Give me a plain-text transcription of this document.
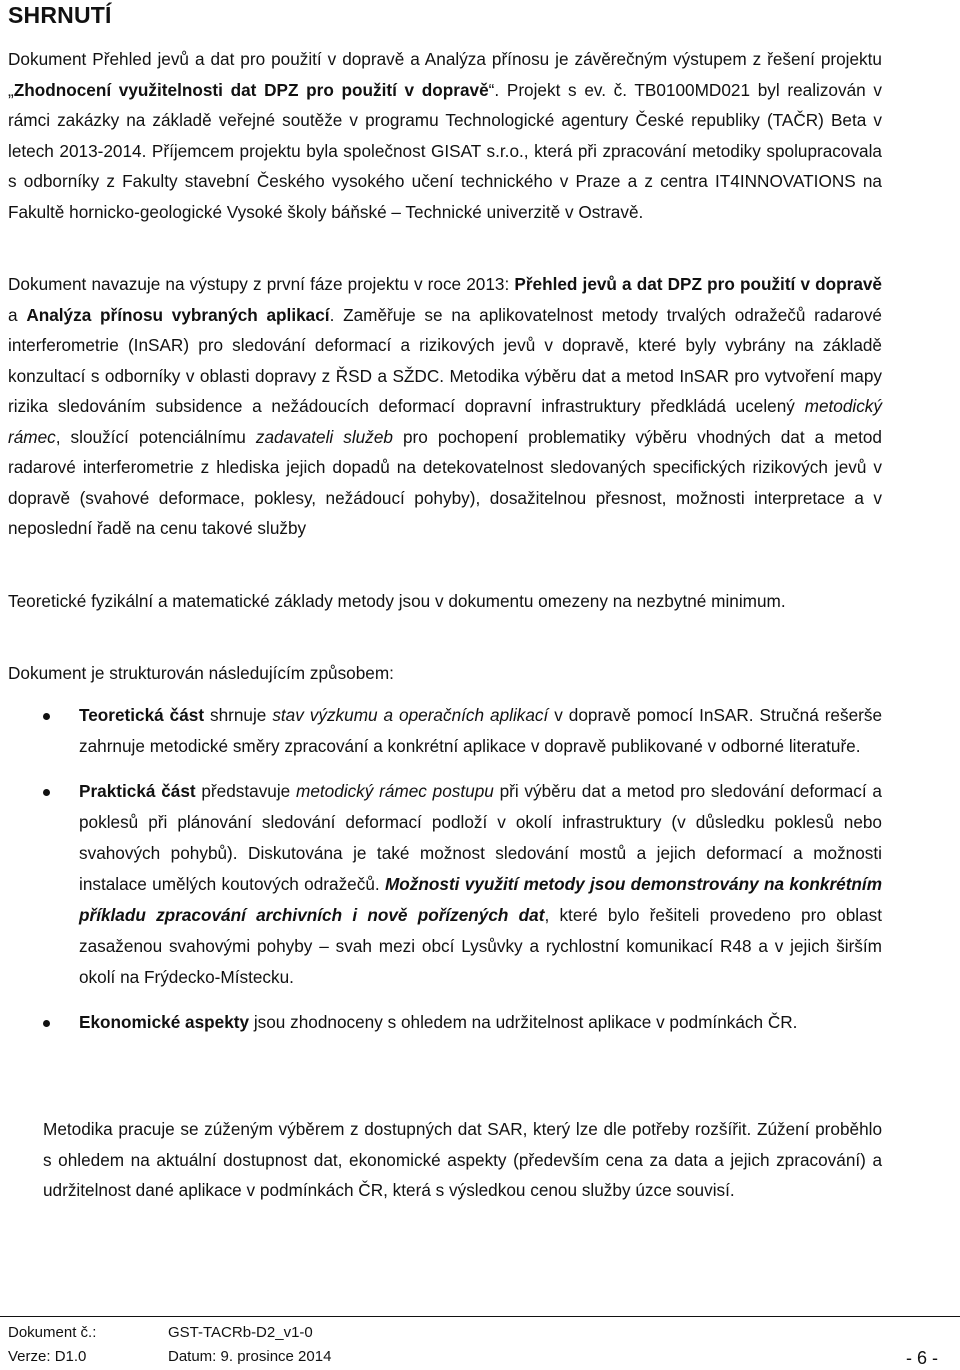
SHRNUTÍ

Dokument Přehled jevů a dat pro použití v dopravě a Analýza přínosu je závěrečným výstupem z řešení projektu „Zhodnocení využitelnosti dat DPZ pro použití v dopravě“. Projekt s ev. č. TB0100MD021 byl realizován v rámci zakázky na základě veřejné soutěže v programu Technologické agentury České republiky (TAČR) Beta v letech 2013-2014. Příjemcem projektu byla společnost GISAT s.r.o., která při zpracování metodiky spolupracovala s odborníky z Fakulty stavební Českého vysokého učení technického v Praze a z centra IT4INNOVATIONS na Fakultě hornicko-geologické Vysoké školy báňské – Technické univerzitě v Ostravě.

Dokument navazuje na výstupy z první fáze projektu v roce 2013: Přehled jevů a dat DPZ pro použití v dopravě a Analýza přínosu vybraných aplikací. Zaměřuje se na aplikovatelnost metody trvalých odražečů radarové interferometrie (InSAR) pro sledování deformací a rizikových jevů v dopravě, které byly vybrány na základě konzultací s odborníky v oblasti dopravy z ŘSD a SŽDC. Metodika výběru dat a metod InSAR pro vytvoření mapy rizika sledováním subsidence a nežádoucích deformací dopravní infrastruktury předkládá ucelený metodický rámec, sloužící potenciálnímu zadavateli služeb pro pochopení problematiky výběru vhodných dat a metod radarové interferometrie z hlediska jejich dopadů na detekovatelnost sledovaných specifických rizikových jevů v dopravě (svahové deformace, poklesy, nežádoucí pohyby), dosažitelnou přesnost, možnosti interpretace a v neposlední řadě na cenu takové služby

Teoretické fyzikální a matematické základy metody jsou v dokumentu omezeny na nezbytné minimum.

Dokument je strukturován následujícím způsobem:

Teoretická část shrnuje stav výzkumu a operačních aplikací v dopravě pomocí InSAR. Stručná rešerše zahrnuje metodické směry zpracování a konkrétní aplikace v dopravě publikované v odborné literatuře.
Praktická část představuje metodický rámec postupu při výběru dat a metod pro sledování deformací a poklesů při plánování sledování deformací podloží v okolí infrastruktury (v důsledku poklesů nebo svahových pohybů). Diskutována je také možnost sledování mostů a jejich deformací a možnosti instalace umělých koutových odražečů. Možnosti využití metody jsou demonstrovány na konkrétním příkladu zpracování archivních i nově pořízených dat, které bylo řešiteli provedeno pro oblast zasaženou svahovými pohyby – svah mezi obcí Lysůvky a rychlostní komunikací R48 a v jejich širším okolí na Frýdecko-Místecku.
Ekonomické aspekty jsou zhodnoceny s ohledem na udržitelnost aplikace v podmínkách ČR.

Metodika pracuje se zúženým výběrem z dostupných dat SAR, který lze dle potřeby rozšířit. Zúžení proběhlo s ohledem na aktuální dostupnost dat, ekonomické aspekty (především cena za data a jejich zpracování) a udržitelnost dané aplikace v podmínkách ČR, která s výsledkou cenou služby úzce souvisí.

Dokument č.:	GST-TACRb-D2_v1-0
Verze: D1.0	Datum: 9. prosince 2014	- 6 -
